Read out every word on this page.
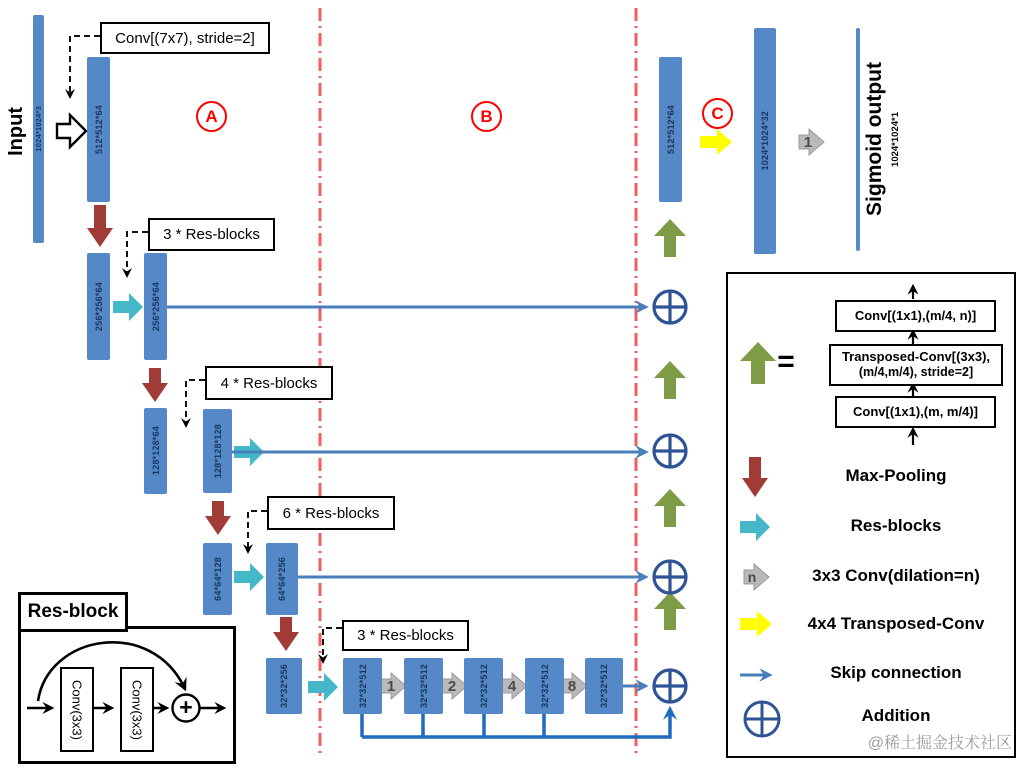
1024*1024*3	512*512*64
256*256*64	256*256*64
128*128*64	128*128*128
64*64*128	64*64*256
32*32*256	32*32*512	32*32*512	32*32*512	32*32*512	32*32*512
512*512*64	1024*1024*32
Input	Sigmoid output 1024*1024*1
A	B	C
Conv[(7x7), stride=2]
3 * Res-blocks
4 * Res-blocks
6 * Res-blocks
3 * Res-blocks
1	2	4	8
1
=
Conv[(1x1),(m/4, n)]
Transposed-Conv[(3x3),
(m/4,m/4), stride=2]
Conv[(1x1),(m, m/4)]
Max-Pooling
Res-blocks
3x3 Conv(dilation=n)
4x4 Transposed-Conv
Skip connection
Addition
n
Res-block
Conv(3x3)	Conv(3x3) +
@稀土掘金技术社区
